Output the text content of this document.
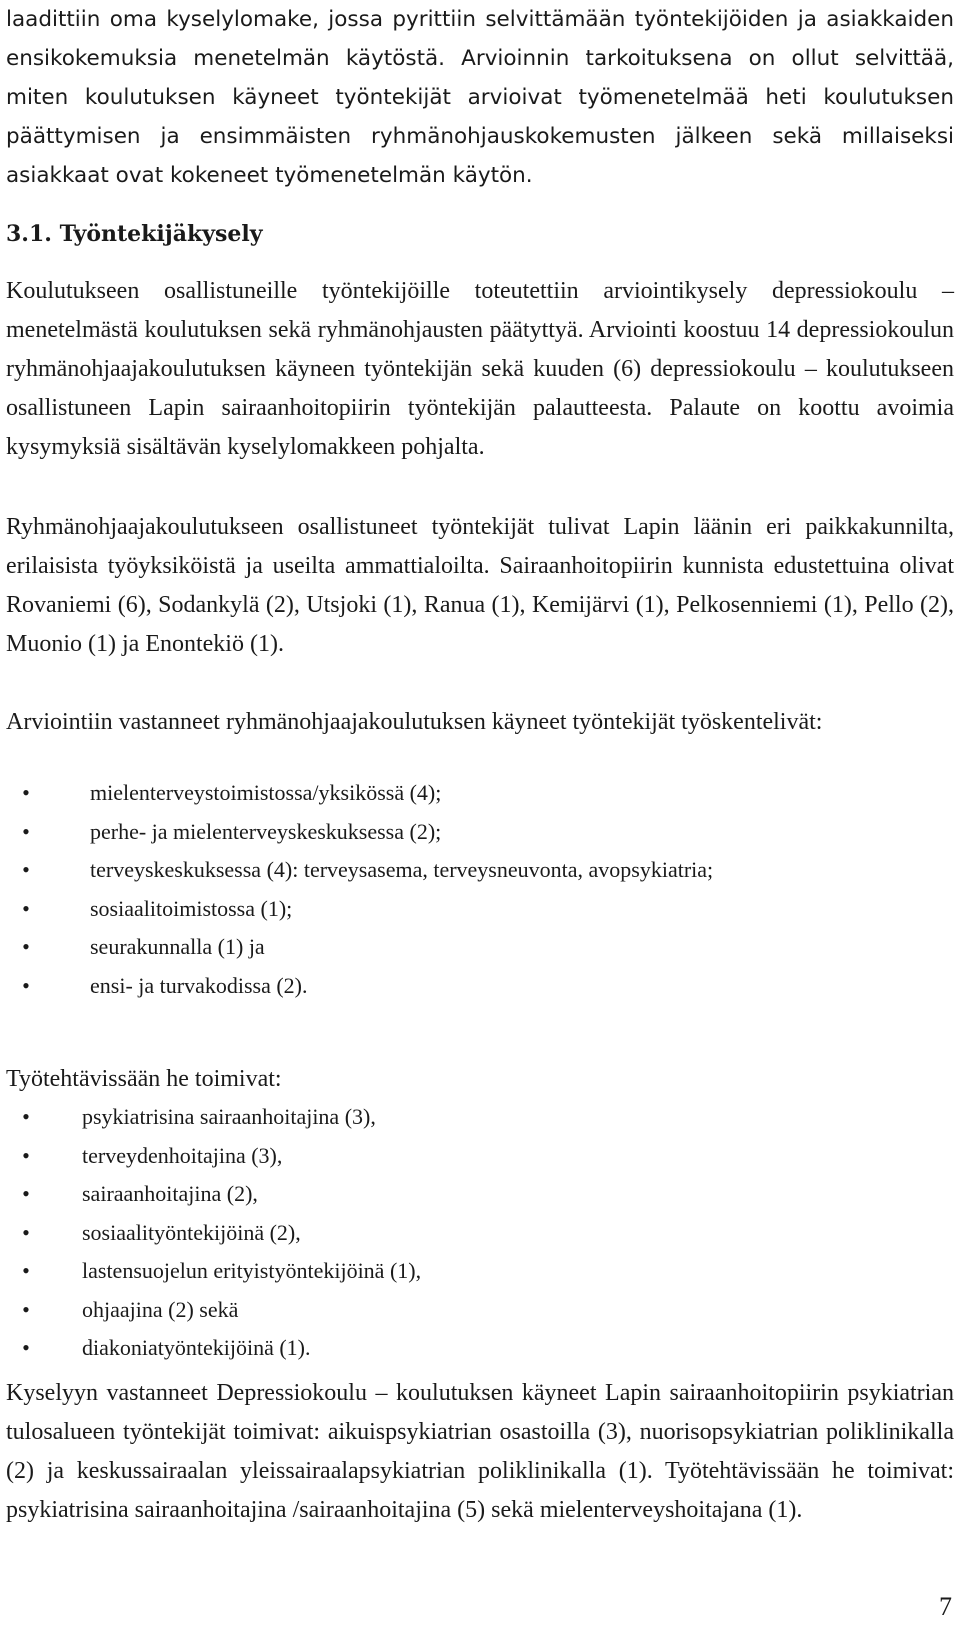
laadittiin oma kyselylomake, jossa pyrittiin selvittämään työntekijöiden ja asiakkaiden ensikokemuksia menetelmän käytöstä. Arvioinnin tarkoituksena on ollut selvittää, miten koulutuksen käyneet työntekijät arvioivat työmenetelmää heti koulutuksen päättymisen ja ensimmäisten ryhmänohjauskokemusten jälkeen sekä millaiseksi asiakkaat ovat kokeneet työmenetelmän käytön.

3.1. Työntekijäkysely

Koulutukseen osallistuneille työntekijöille toteutettiin arviointikysely depressiokoulu – menetelmästä koulutuksen sekä ryhmänohjausten päätyttyä. Arviointi koostuu 14 depressiokoulun ryhmänohjaajakoulutuksen käyneen työntekijän sekä kuuden (6) depressiokoulu – koulutukseen osallistuneen Lapin sairaanhoitopiirin työntekijän palautteesta. Palaute on koottu avoimia kysymyksiä sisältävän kyselylomakkeen pohjalta.

Ryhmänohjaajakoulutukseen osallistuneet työntekijät tulivat Lapin läänin eri paikkakunnilta, erilaisista työyksiköistä ja useilta ammattialoilta. Sairaanhoitopiirin kunnista edustettuina olivat Rovaniemi (6), Sodankylä (2), Utsjoki (1), Ranua (1), Kemijärvi (1), Pelkosenniemi (1), Pello (2), Muonio (1) ja Enontekiö (1).

Arviointiin vastanneet ryhmänohjaajakoulutuksen käyneet työntekijät työskentelivät:

•	mielenterveystoimistossa/yksikössä (4);
•	perhe- ja mielenterveyskeskuksessa (2);
•	terveyskeskuksessa (4): terveysasema, terveysneuvonta, avopsykiatria;
•	sosiaalitoimistossa (1);
•	seurakunnalla (1) ja
•	ensi- ja turvakodissa (2).

Työtehtävissään he toimivat:

•	psykiatrisina sairaanhoitajina (3),
•	terveydenhoitajina (3),
•	sairaanhoitajina (2),
•	sosiaalityöntekijöinä (2),
•	lastensuojelun erityistyöntekijöinä (1),
•	ohjaajina (2) sekä
•	diakoniatyöntekijöinä (1).

Kyselyyn vastanneet Depressiokoulu – koulutuksen käyneet Lapin sairaanhoitopiirin psykiatrian tulosalueen työntekijät toimivat: aikuispsykiatrian osastoilla (3), nuorisopsykiatrian poliklinikalla (2) ja keskussairaalan yleissairaalapsykiatrian poliklinikalla (1). Työtehtävissään he toimivat: psykiatrisina sairaanhoitajina /sairaanhoitajina (5) sekä mielenterveyshoitajana (1).

7
